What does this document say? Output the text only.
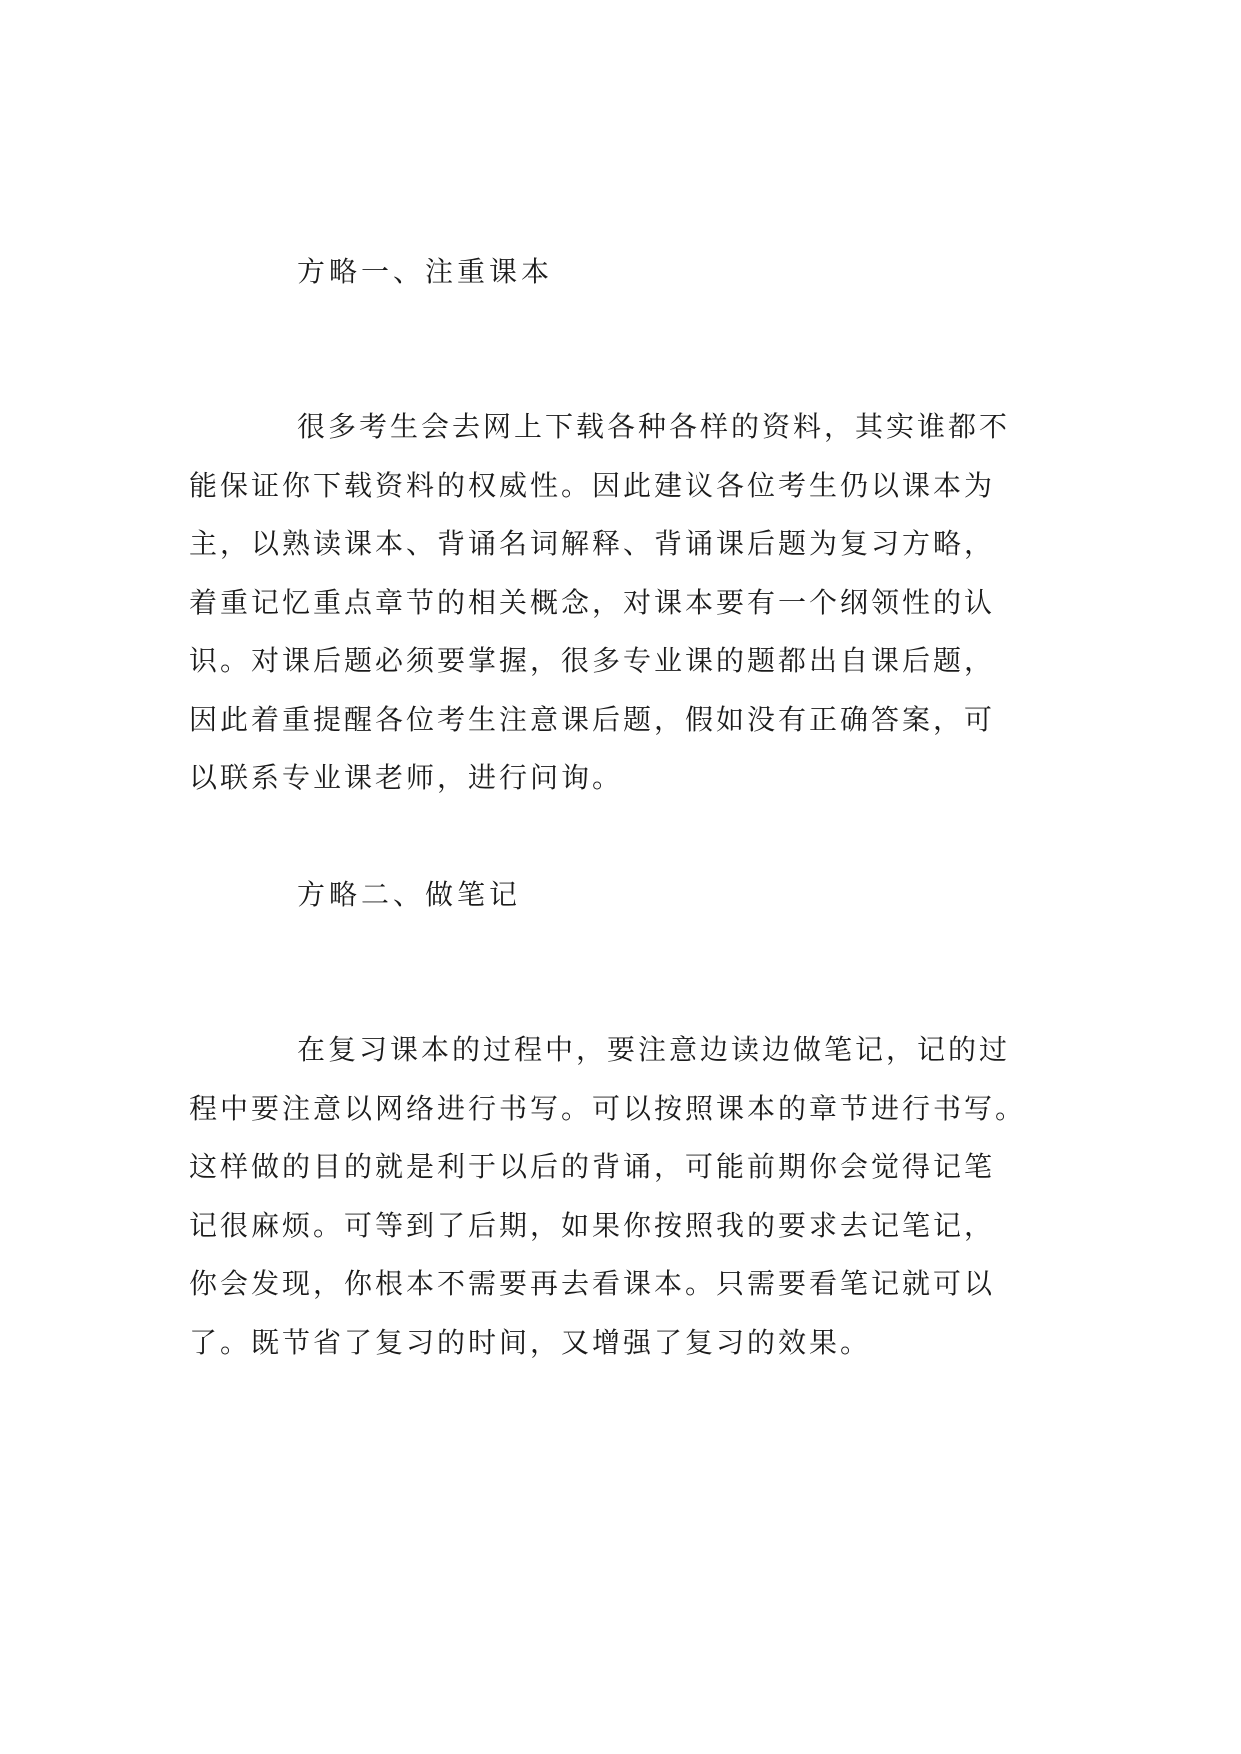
方略一、注重课本
很多考生会去网上下载各种各样的资料，其实谁都不
能保证你下载资料的权威性。因此建议各位考生仍以课本为
主，以熟读课本、背诵名词解释、背诵课后题为复习方略，
着重记忆重点章节的相关概念，对课本要有一个纲领性的认
识。对课后题必须要掌握，很多专业课的题都出自课后题，
因此着重提醒各位考生注意课后题，假如没有正确答案，可
以联系专业课老师，进行问询。
方略二、做笔记
在复习课本的过程中，要注意边读边做笔记，记的过
程中要注意以网络进行书写。可以按照课本的章节进行书写。
这样做的目的就是利于以后的背诵，可能前期你会觉得记笔
记很麻烦。可等到了后期，如果你按照我的要求去记笔记，
你会发现，你根本不需要再去看课本。只需要看笔记就可以
了。既节省了复习的时间，又增强了复习的效果。
